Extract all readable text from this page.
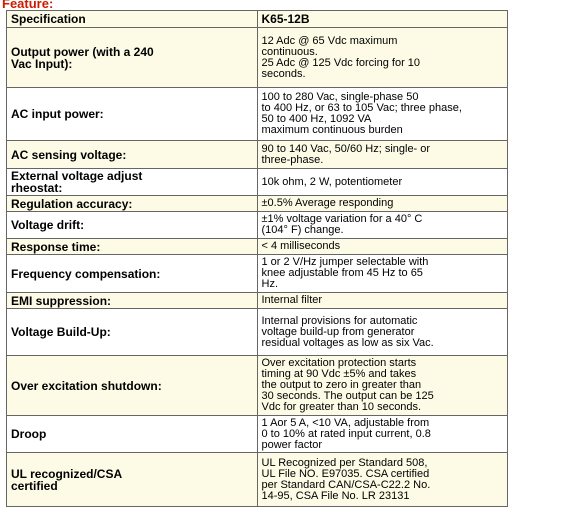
Feature:
Specification	K65-12B

Output power (with a 240
Vac Input):	12 Adc @ 65 Vdc maximum
continuous.
25 Adc @ 125 Vdc forcing for 10
seconds.

AC input power:	100 to 280 Vac, single-phase 50
to 400 Hz, or 63 to 105 Vac; three phase,
50 to 400 Hz, 1092 VA
maximum continuous burden

AC sensing voltage:	90 to 140 Vac, 50/60 Hz; single- or
three-phase.

External voltage adjust
rheostat:	10k ohm, 2 W, potentiometer

Regulation accuracy:	±0.5% Average responding

Voltage drift:	±1% voltage variation for a 40° C
(104° F) change.

Response time:	< 4 milliseconds

Frequency compensation:	1 or 2 V/Hz jumper selectable with
knee adjustable from 45 Hz to 65
Hz.

EMI suppression:	Internal filter

Voltage Build-Up:	Internal provisions for automatic
voltage build-up from generator
residual voltages as low as six Vac.

Over excitation shutdown:	Over excitation protection starts
timing at 90 Vdc ±5% and takes
the output to zero in greater than
30 seconds. The output can be 125
Vdc for greater than 10 seconds.

Droop	1 Aor 5 A, <10 VA, adjustable from
0 to 10% at rated input current, 0.8
power factor

UL recognized/CSA
certified	UL Recognized per Standard 508,
UL File NO. E97035. CSA certified
per Standard CAN/CSA-C22.2 No.
14-95, CSA File No. LR 23131
